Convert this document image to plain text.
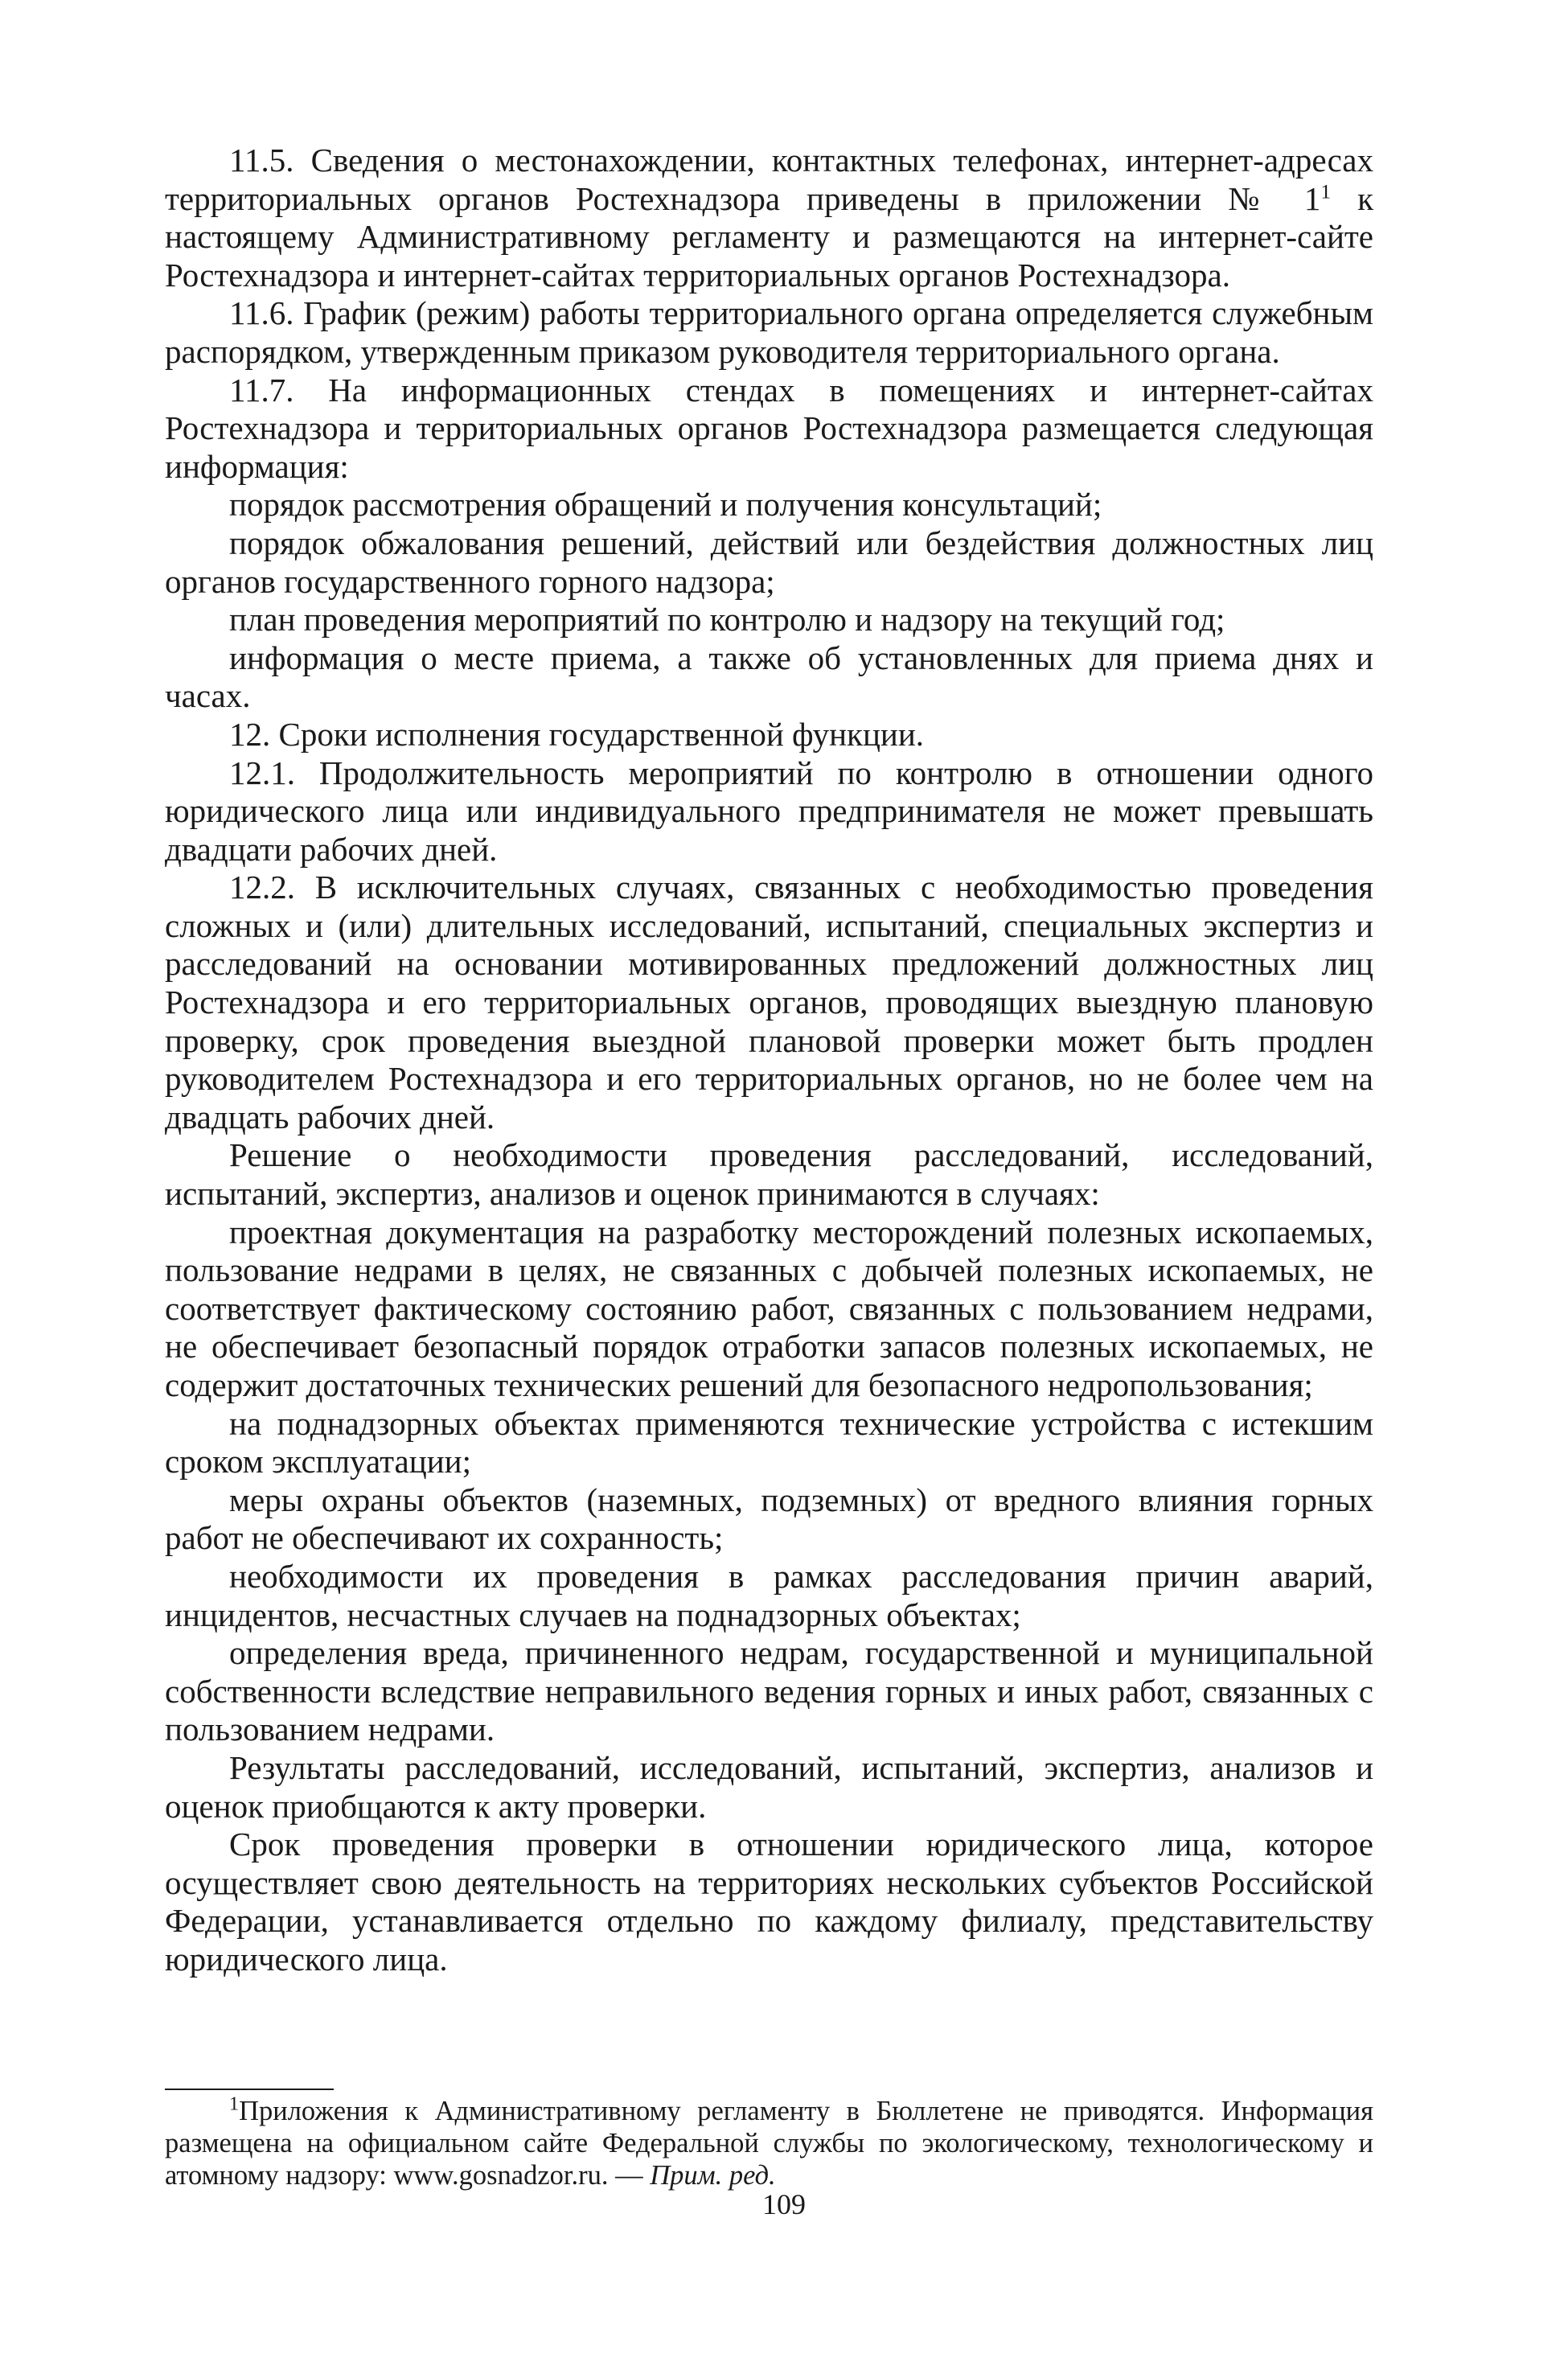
11.5. Сведения о местонахождении, контактных телефонах, интернет-адресах территориальных органов Ростехнадзора приведены в приложении № $1^1$ к настоящему Административному регламенту и размещаются на интернет-сайте Ростехнадзора и интернет-сайтах территориальных органов Ростехнадзора.

11.6. График (режим) работы территориального органа определяется служебным распорядком, утвержденным приказом руководителя территориального органа.

11.7. На информационных стендах в помещениях и интернет-сайтах Ростехнадзора и территориальных органов Ростехнадзора размещается следующая информация:

порядок рассмотрения обращений и получения консультаций;

порядок обжалования решений, действий или бездействия должностных лиц органов государственного горного надзора;

план проведения мероприятий по контролю и надзору на текущий год;

информация о месте приема, а также об установленных для приема днях и часах.

12. Сроки исполнения государственной функции.

12.1. Продолжительность мероприятий по контролю в отношении одного юридического лица или индивидуального предпринимателя не может превышать двадцати рабочих дней.

12.2. В исключительных случаях, связанных с необходимостью проведения сложных и (или) длительных исследований, испытаний, специальных экспертиз и расследований на основании мотивированных предложений должностных лиц Ростехнадзора и его территориальных органов, проводящих выездную плановую проверку, срок проведения выездной плановой проверки может быть продлен руководителем Ростехнадзора и его территориальных органов, но не более чем на двадцать рабочих дней.

Решение о необходимости проведения расследований, исследований, испытаний, экспертиз, анализов и оценок принимаются в случаях:

проектная документация на разработку месторождений полезных ископаемых, пользование недрами в целях, не связанных с добычей полезных ископаемых, не соответствует фактическому состоянию работ, связанных с пользованием недрами, не обеспечивает безопасный порядок отработки запасов полезных ископаемых, не содержит достаточных технических решений для безопасного недропользования;

на поднадзорных объектах применяются технические устройства с истекшим сроком эксплуатации;

меры охраны объектов (наземных, подземных) от вредного влияния горных работ не обеспечивают их сохранность;

необходимости их проведения в рамках расследования причин аварий, инцидентов, несчастных случаев на поднадзорных объектах;

определения вреда, причиненного недрам, государственной и муниципальной собственности вследствие неправильного ведения горных и иных работ, связанных с пользованием недрами.

Результаты расследований, исследований, испытаний, экспертиз, анализов и оценок приобщаются к акту проверки.

Срок проведения проверки в отношении юридического лица, которое осуществляет свою деятельность на территориях нескольких субъектов Российской Федерации, устанавливается отдельно по каждому филиалу, представительству юридического лица.

$^1$Приложения к Административному регламенту в Бюллетене не приводятся. Информация размещена на официальном сайте Федеральной службы по экологическому, технологическому и атомному надзору: www.gosnadzor.ru. — Прим. ред.
109
